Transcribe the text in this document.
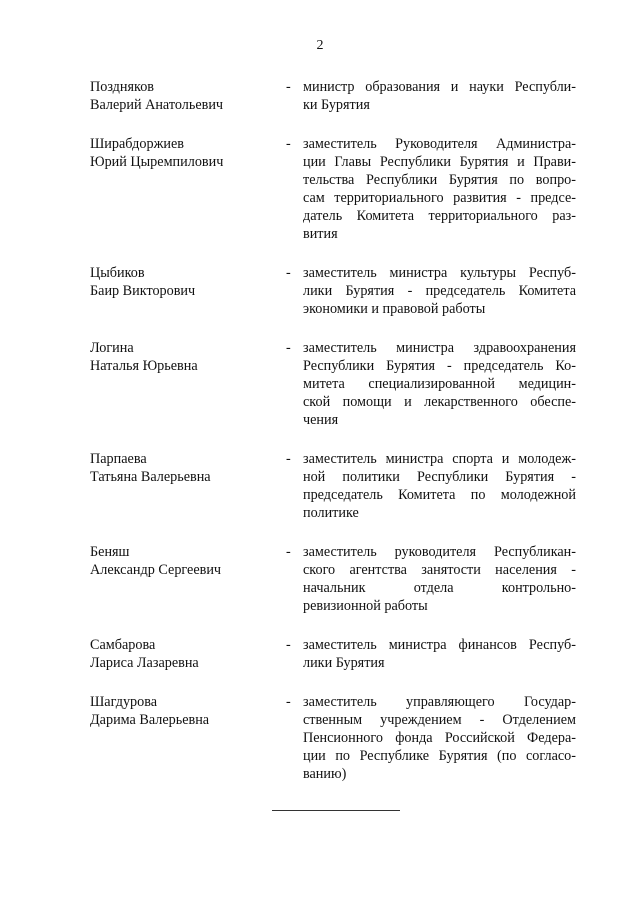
2
Поздняков
Валерий Анатольевич
- министр образования и науки Республи-
ки Бурятия
Ширабдоржиев
Юрий Цыремпилович
- заместитель Руководителя Администра-
ции Главы Республики Бурятия и Прави-
тельства Республики Бурятия по вопро-
сам территориального развития - предсе-
датель Комитета территориального раз-
вития
Цыбиков
Баир Викторович
- заместитель министра культуры Респуб-
лики Бурятия - председатель Комитета
экономики и правовой работы
Логина
Наталья Юрьевна
- заместитель министра здравоохранения
Республики Бурятия - председатель Ко-
митета специализированной медицин-
ской помощи и лекарственного обеспе-
чения
Парпаева
Татьяна Валерьевна
- заместитель министра спорта и молодеж-
ной политики Республики Бурятия -
председатель Комитета по молодежной
политике
Беняш
Александр Сергеевич
- заместитель руководителя Республикан-
ского агентства занятости населения -
начальник отдела контрольно-
ревизионной работы
Самбарова
Лариса Лазаревна
- заместитель министра финансов Респуб-
лики Бурятия
Шагдурова
Дарима Валерьевна
- заместитель управляющего Государ-
ственным учреждением - Отделением
Пенсионного фонда Российской Федера-
ции по Республике Бурятия (по согласо-
ванию)
